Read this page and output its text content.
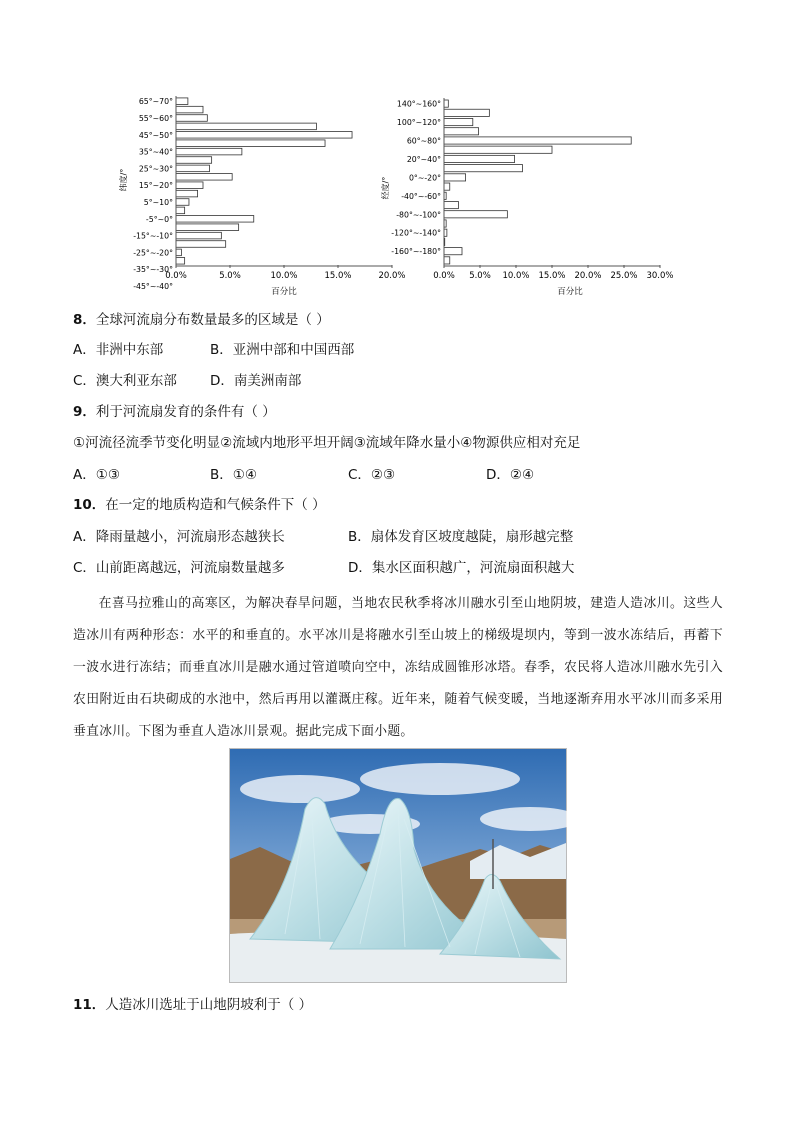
65°~70°
55°~60°
45°~50°
35°~40°
25°~30°
15°~20°
5°~10°
-5°~0°
-15°~-10°
-25°~-20°
-35°~-30°
-45°~-40°
0.0%	5.0%	10.0%	15.0%	20.0%
纬度/°
百分比
140°~160°
100°~120°
60°~80°
20°~40°
0°~-20°
-40°~-60°
-80°~-100°
-120°~-140°
-160°~-180°
0.0% 5.0% 10.0% 15.0% 20.0% 25.0% 30.0%
经度/°
百分比
8．全球河流扇分布数量最多的区域是（ ）
A．非洲中东部	B．亚洲中部和中国西部
C．澳大利亚东部 D．南美洲南部
9．利于河流扇发育的条件有（ ）
①河流径流季节变化明显②流域内地形平坦开阔③流域年降水量小④物源供应相对充足
A．①③	B．①④	C．②③	D．②④
10．在一定的地质构造和气候条件下（ ）
A．降雨量越小，河流扇形态越狭长	B．扇体发育区坡度越陡，扇形越完整
C．山前距离越远，河流扇数量越多	D．集水区面积越广，河流扇面积越大
在喜马拉雅山的高寒区，为解决春旱问题，当地农民秋季将冰川融水引至山地阴坡，建造人造冰川。这些人造冰川有两种形态：水平的和垂直的。水平冰川是将融水引至山坡上的梯级堤坝内，等到一波水冻结后，再蓄下一波水进行冻结；而垂直冰川是融水通过管道喷向空中，冻结成圆锥形冰塔。春季，农民将人造冰川融水先引入农田附近由石块砌成的水池中，然后再用以灌溉庄稼。近年来，随着气候变暖，当地逐渐弃用水平冰川而多采用垂直冰川。下图为垂直人造冰川景观。据此完成下面小题。
11．人造冰川选址于山地阴坡利于（ ）
